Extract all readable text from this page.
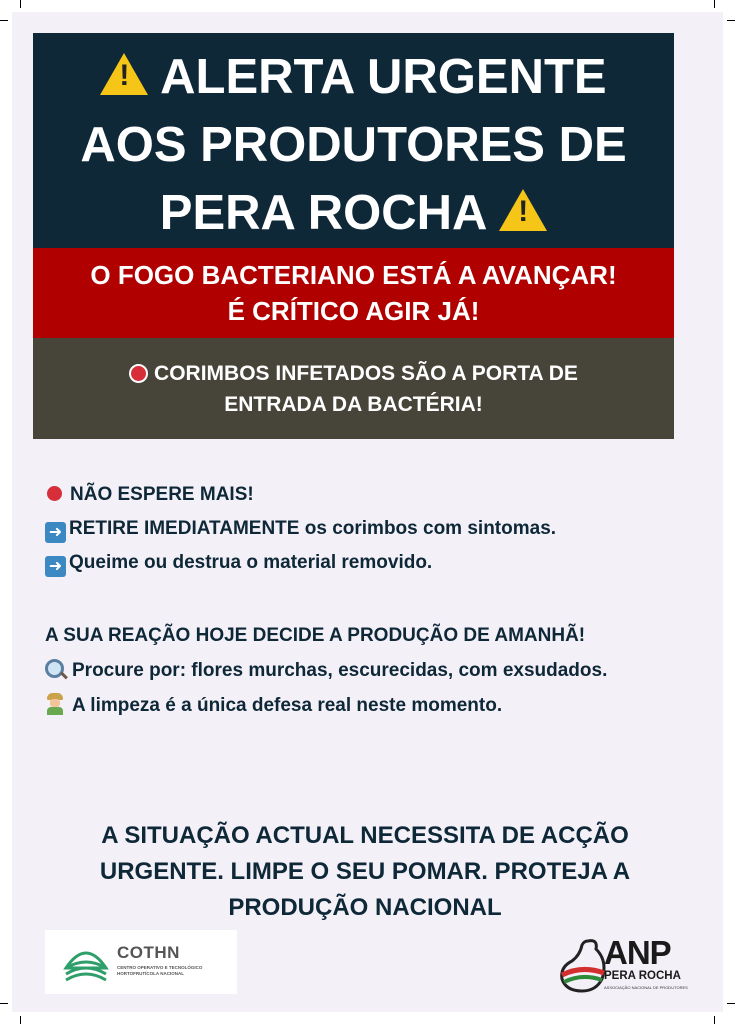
! ALERTA URGENTE
AOS PRODUTORES DE
PERA ROCHA !
O FOGO BACTERIANO ESTÁ A AVANÇAR!
É CRÍTICO AGIR JÁ!
CORIMBOS INFETADOS SÃO A PORTA DE
ENTRADA DA BACTÉRIA!
NÃO ESPERE MAIS!
➜ RETIRE IMEDIATAMENTE os corimbos com sintomas.
➜ Queime ou destrua o material removido.
A SUA REAÇÃO HOJE DECIDE A PRODUÇÃO DE AMANHÃ!
Procure por: flores murchas, escurecidas, com exsudados.
A limpeza é a única defesa real neste momento.
A SITUAÇÃO ACTUAL NECESSITA DE ACÇÃO URGENTE. LIMPE O SEU POMAR. PROTEJA A PRODUÇÃO NACIONAL
COTHN
CENTRO OPERATIVO E TECNOLÓGICO HORTOFRUTÍCOLA NACIONAL
ANP
PERA ROCHA
ASSOCIAÇÃO NACIONAL DE PRODUTORES
